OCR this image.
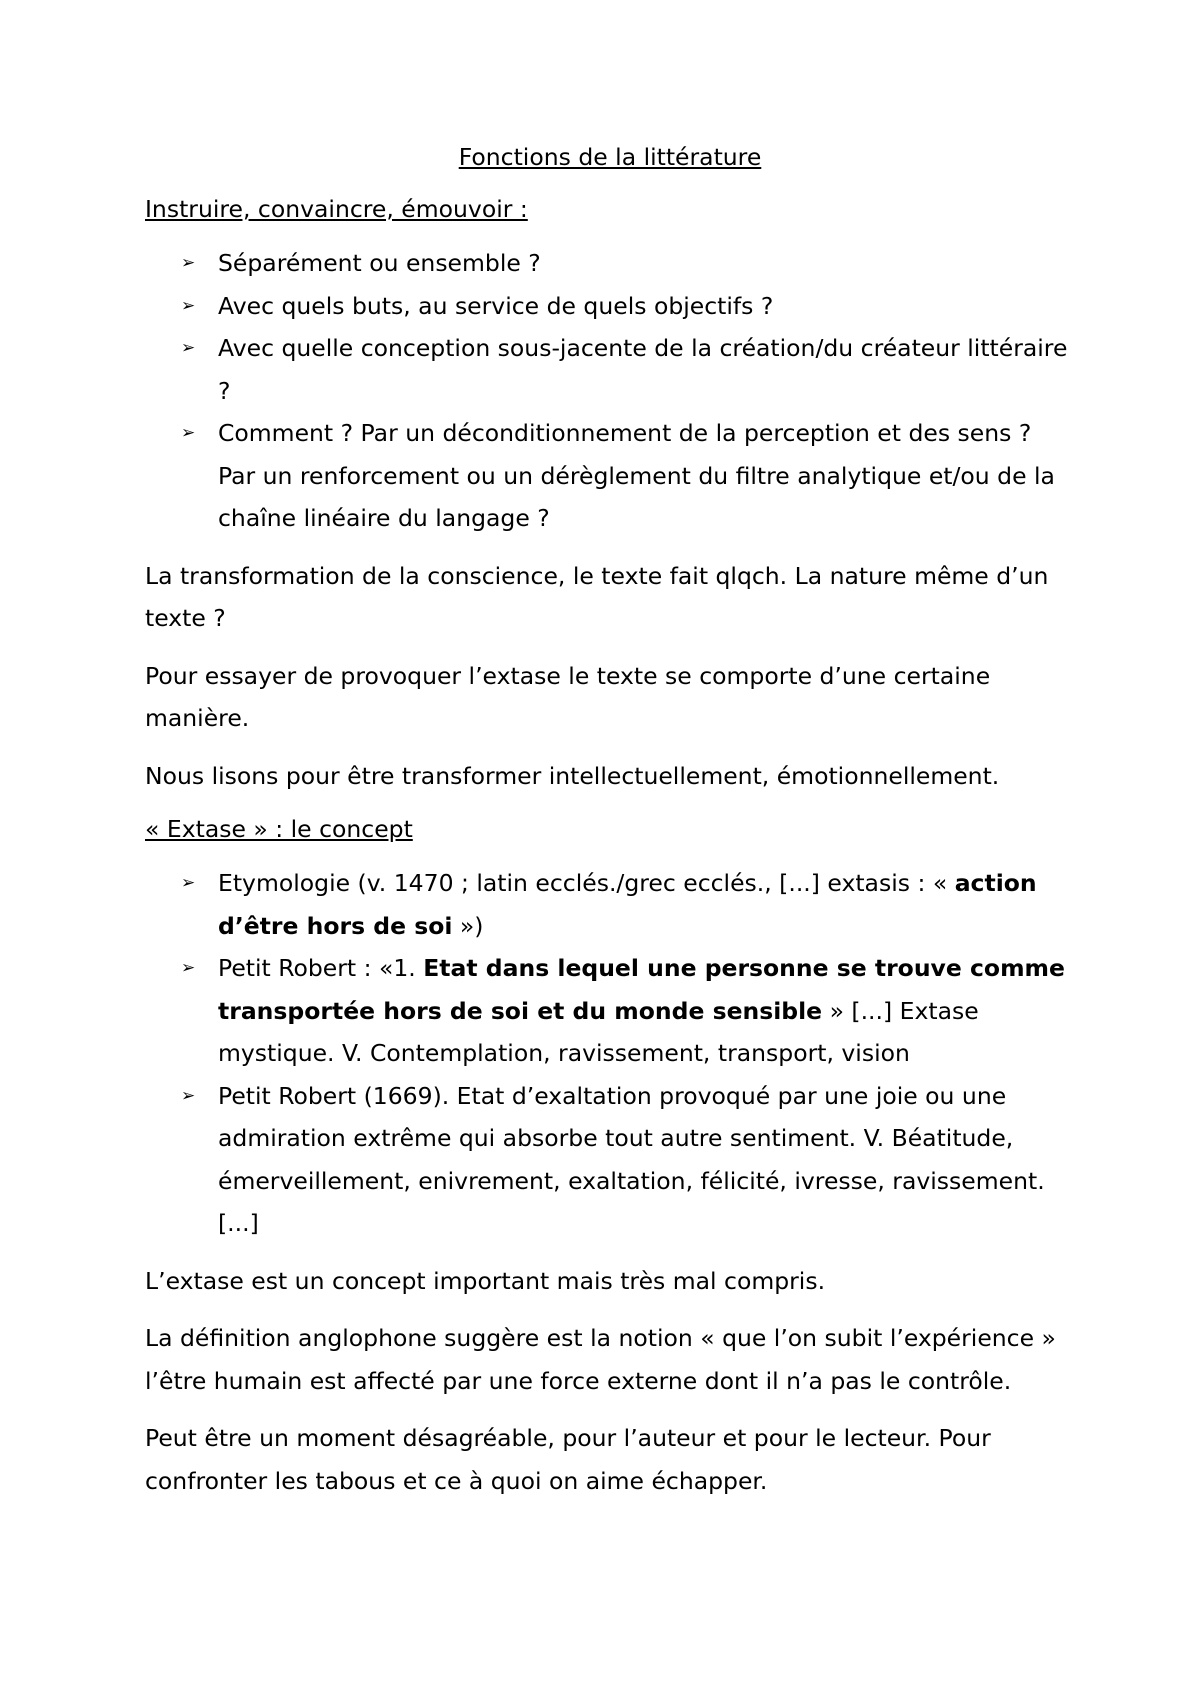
Fonctions de la littérature
Instruire, convaincre, émouvoir :
➢ Séparément ou ensemble ?
➢ Avec quels buts, au service de quels objectifs ?
➢ Avec quelle conception sous-jacente de la création/du créateur littéraire ?
➢ Comment ? Par un déconditionnement de la perception et des sens ? Par un renforcement ou un dérèglement du filtre analytique et/ou de la chaîne linéaire du langage ?

La transformation de la conscience, le texte fait qlqch. La nature même d’un texte ?

Pour essayer de provoquer l’extase le texte se comporte d’une certaine manière.

Nous lisons pour être transformer intellectuellement, émotionnellement.

« Extase » : le concept
➢ Etymologie (v. 1470 ; latin ecclés./grec ecclés., [...] extasis : « action d’être hors de soi »)
➢ Petit Robert : «1. Etat dans lequel une personne se trouve comme transportée hors de soi et du monde sensible » [...] Extase mystique. V. Contemplation, ravissement, transport, vision
➢ Petit Robert (1669). Etat d’exaltation provoqué par une joie ou une admiration extrême qui absorbe tout autre sentiment. V. Béatitude, émerveillement, enivrement, exaltation, félicité, ivresse, ravissement. [...]

L’extase est un concept important mais très mal compris.

La définition anglophone suggère est la notion « que l’on subit l’expérience » l’être humain est affecté par une force externe dont il n’a pas le contrôle.

Peut être un moment désagréable, pour l’auteur et pour le lecteur. Pour confronter les tabous et ce à quoi on aime échapper.
